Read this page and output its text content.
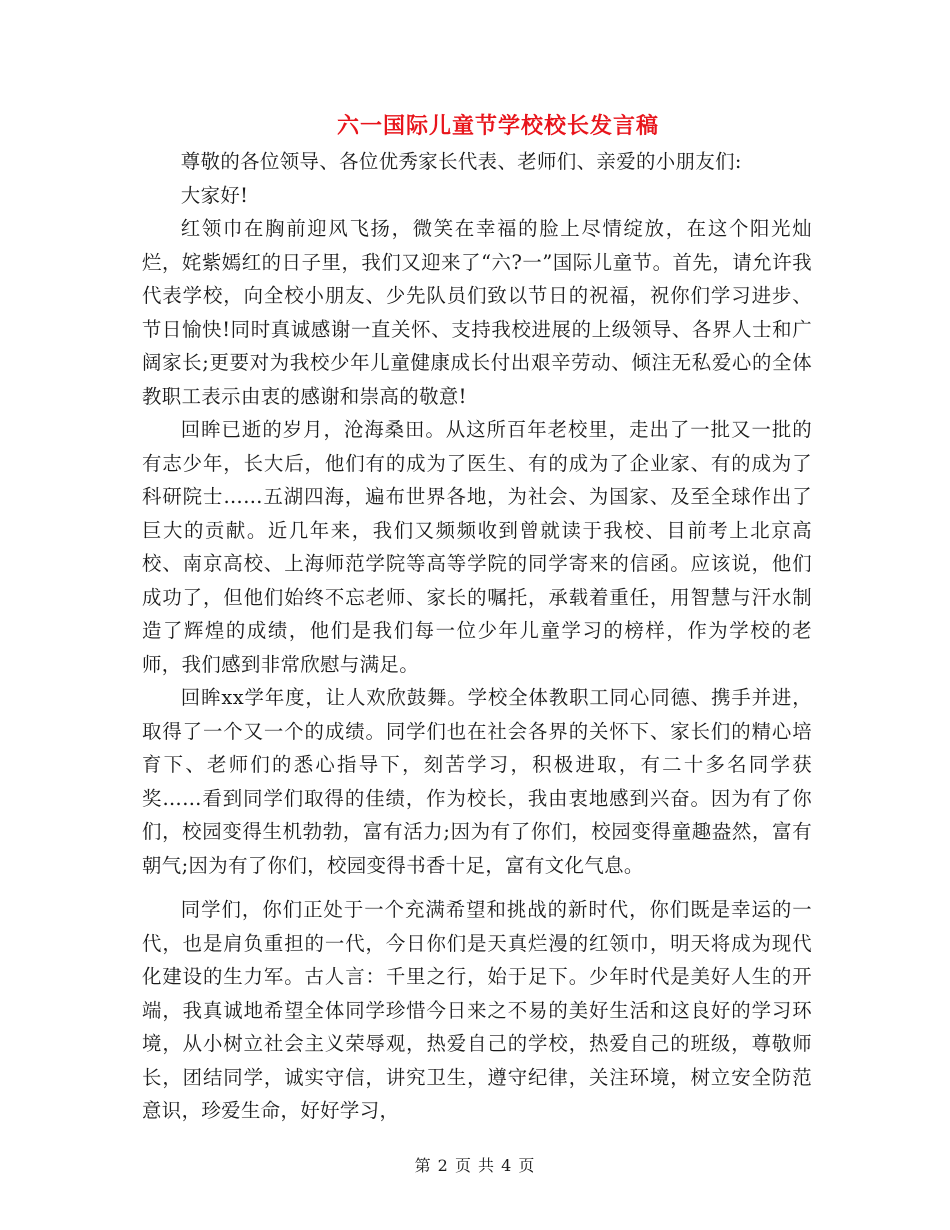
六一国际儿童节学校校长发言稿

尊敬的各位领导、各位优秀家长代表、老师们、亲爱的小朋友们:

大家好!

红领巾在胸前迎风飞扬，微笑在幸福的脸上尽情绽放，在这个阳光灿烂，姹紫嫣红的日子里，我们又迎来了“六?一”国际儿童节。首先，请允许我代表学校，向全校小朋友、少先队员们致以节日的祝福，祝你们学习进步、节日愉快!同时真诚感谢一直关怀、支持我校进展的上级领导、各界人士和广阔家长;更要对为我校少年儿童健康成长付出艰辛劳动、倾注无私爱心的全体教职工表示由衷的感谢和崇高的敬意!

回眸已逝的岁月，沧海桑田。从这所百年老校里，走出了一批又一批的有志少年，长大后，他们有的成为了医生、有的成为了企业家、有的成为了科研院士……五湖四海，遍布世界各地，为社会、为国家、及至全球作出了巨大的贡献。近几年来，我们又频频收到曾就读于我校、目前考上北京高校、南京高校、上海师范学院等高等学院的同学寄来的信函。应该说，他们成功了，但他们始终不忘老师、家长的嘱托，承载着重任，用智慧与汗水制造了辉煌的成绩，他们是我们每一位少年儿童学习的榜样，作为学校的老师，我们感到非常欣慰与满足。

回眸xx学年度，让人欢欣鼓舞。学校全体教职工同心同德、携手并进，取得了一个又一个的成绩。同学们也在社会各界的关怀下、家长们的精心培育下、老师们的悉心指导下，刻苦学习，积极进取，有二十多名同学获奖……看到同学们取得的佳绩，作为校长，我由衷地感到兴奋。因为有了你们，校园变得生机勃勃，富有活力;因为有了你们，校园变得童趣盎然，富有朝气;因为有了你们，校园变得书香十足，富有文化气息。

同学们，你们正处于一个充满希望和挑战的新时代，你们既是幸运的一代，也是肩负重担的一代，今日你们是天真烂漫的红领巾，明天将成为现代化建设的生力军。古人言：千里之行，始于足下。少年时代是美好人生的开端，我真诚地希望全体同学珍惜今日来之不易的美好生活和这良好的学习环境，从小树立社会主义荣辱观，热爱自己的学校，热爱自己的班级，尊敬师长，团结同学，诚实守信，讲究卫生，遵守纪律，关注环境，树立安全防范意识，珍爱生命，好好学习，

第 2 页 共 4 页
